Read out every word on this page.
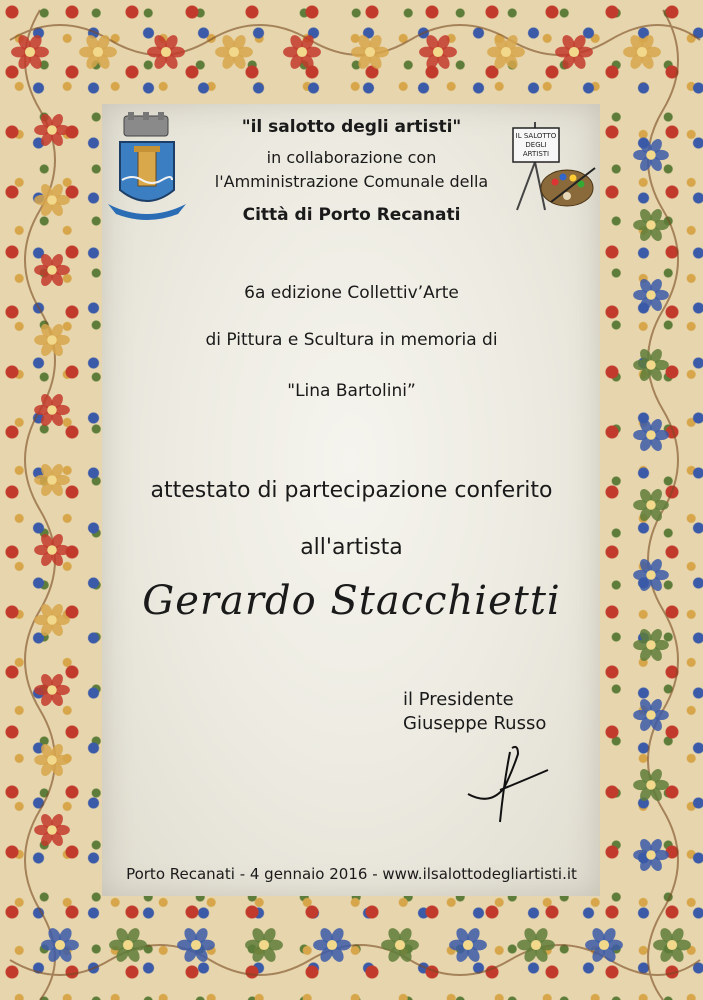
IL SALOTTO
DEGLI
ARTISTI
"il salotto degli artisti"
in collaborazione con
l'Amministrazione Comunale della
Città di Porto Recanati
6a edizione Collettiv’Arte
di Pittura e Scultura in memoria di
"Lina Bartolini”
attestato di partecipazione conferito
all'artista
Gerardo Stacchietti
il Presidente
Giuseppe Russo
Porto Recanati - 4 gennaio 2016 - www.ilsalottodegliartisti.it
